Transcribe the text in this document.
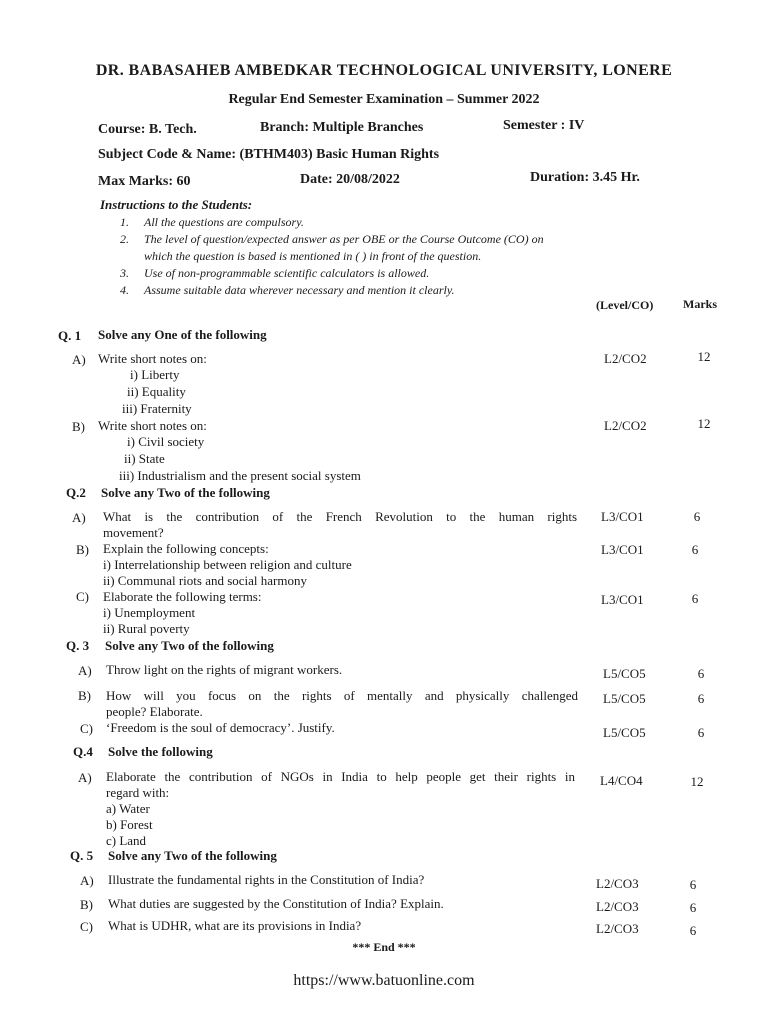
DR. BABASAHEB AMBEDKAR TECHNOLOGICAL UNIVERSITY, LONERE
Regular End Semester Examination – Summer 2022
Course: B. Tech.	Branch: Multiple Branches	Semester : IV
Subject Code & Name: (BTHM403) Basic Human Rights
Max Marks: 60	Date: 20/08/2022	Duration: 3.45 Hr.
Instructions to the Students:
1. All the questions are compulsory.
2. The level of question/expected answer as per OBE or the Course Outcome (CO) on
which the question is based is mentioned in ( ) in front of the question.
3. Use of non-programmable scientific calculators is allowed.
4. Assume suitable data wherever necessary and mention it clearly.
(Level/CO) Marks
Q. 1 Solve any One of the following
A) Write short notes on:
i) Liberty
ii) Equality
iii) Fraternity
L2/CO2	12
B) Write short notes on:
i) Civil society
ii) State
iii) Industrialism and the present social system
L2/CO2	12
Q.2 Solve any Two of the following
A) What is the contribution of the French Revolution to the human rights
movement?
L3/CO1	6
B) Explain the following concepts:
i) Interrelationship between religion and culture
ii) Communal riots and social harmony
L3/CO1	6
C) Elaborate the following terms:
i) Unemployment
ii) Rural poverty
L3/CO1	6
Q. 3 Solve any Two of the following
A) Throw light on the rights of migrant workers.	L5/CO5	6
B) How will you focus on the rights of mentally and physically challenged
people? Elaborate.
L5/CO5	6
C) ‘Freedom is the soul of democracy’. Justify.	L5/CO5	6
Q.4 Solve the following
A) Elaborate the contribution of NGOs in India to help people get their rights in
regard with:
a) Water
b) Forest
c) Land
L4/CO4	12
Q. 5 Solve any Two of the following
A) Illustrate the fundamental rights in the Constitution of India?	L2/CO3	6
B) What duties are suggested by the Constitution of India? Explain.	L2/CO3	6
C) What is UDHR, what are its provisions in India?	L2/CO3	6
*** End ***
https://www.batuonline.com
